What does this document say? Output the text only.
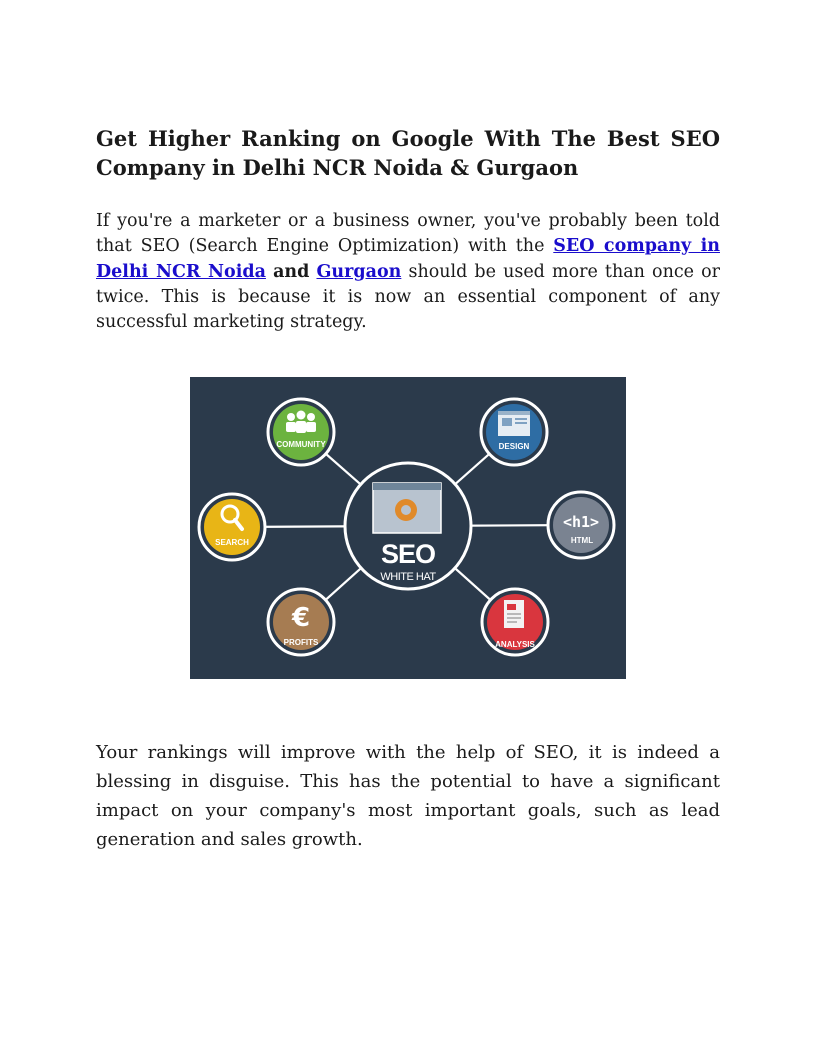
Get Higher Ranking on Google With The Best SEO Company in Delhi NCR Noida & Gurgaon

If you're a marketer or a business owner, you've probably been told that SEO (Search Engine Optimization) with the SEO company in Delhi NCR Noida and Gurgaon should be used more than once or twice. This is because it is now an essential component of any successful marketing strategy.

SEO
WHITE HAT
COMMUNITY	DESIGN
SEARCH
<h1>
HTML
€
PROFITS	ANALYSIS

Your rankings will improve with the help of SEO, it is indeed a blessing in disguise. This has the potential to have a significant impact on your company's most important goals, such as lead generation and sales growth.
